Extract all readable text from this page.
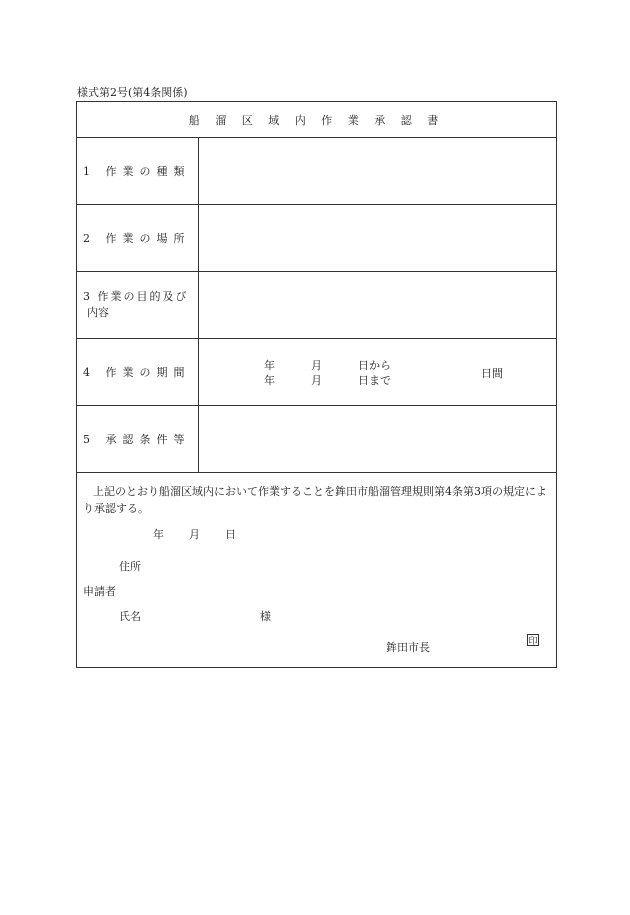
様式第2号(第4条関係)
船 溜 区 域 内 作 業 承 認 書
1 作業の種類
2 作業の場所
3 作業の目的及び
内容
4 作業の期間
年	月	日から
年	月	日まで
日間
5 承認条件等
上記のとおり船溜区域内において作業することを鉾田市船溜管理規則第4条第3項の規定により承認する。
年 月 日
住所
申請者
氏名	様
鉾田市長	印
